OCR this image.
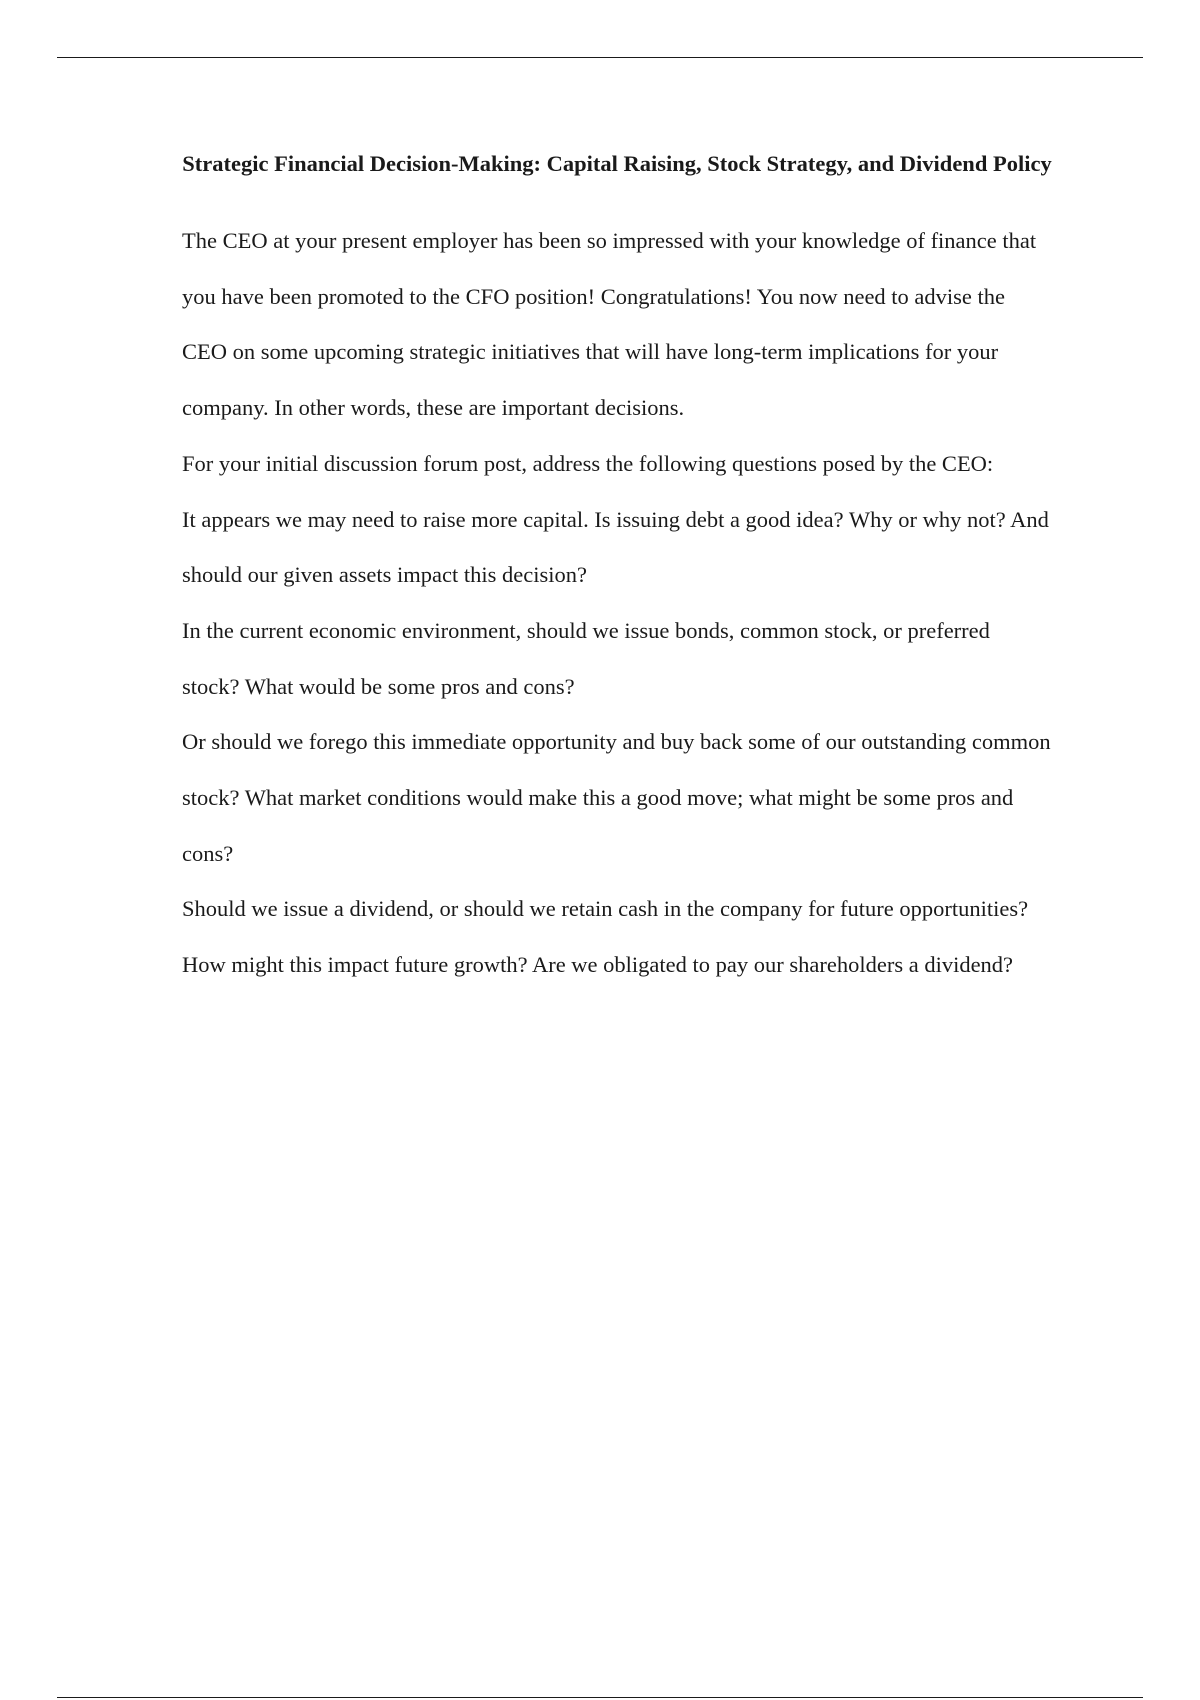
Strategic Financial Decision-Making: Capital Raising, Stock Strategy, and Dividend Policy

The CEO at your present employer has been so impressed with your knowledge of finance that you have been promoted to the CFO position! Congratulations! You now need to advise the CEO on some upcoming strategic initiatives that will have long-term implications for your company. In other words, these are important decisions.

For your initial discussion forum post, address the following questions posed by the CEO:

It appears we may need to raise more capital. Is issuing debt a good idea? Why or why not? And should our given assets impact this decision?

In the current economic environment, should we issue bonds, common stock, or preferred stock? What would be some pros and cons?

Or should we forego this immediate opportunity and buy back some of our outstanding common stock? What market conditions would make this a good move; what might be some pros and cons?

Should we issue a dividend, or should we retain cash in the company for future opportunities? How might this impact future growth? Are we obligated to pay our shareholders a dividend?
